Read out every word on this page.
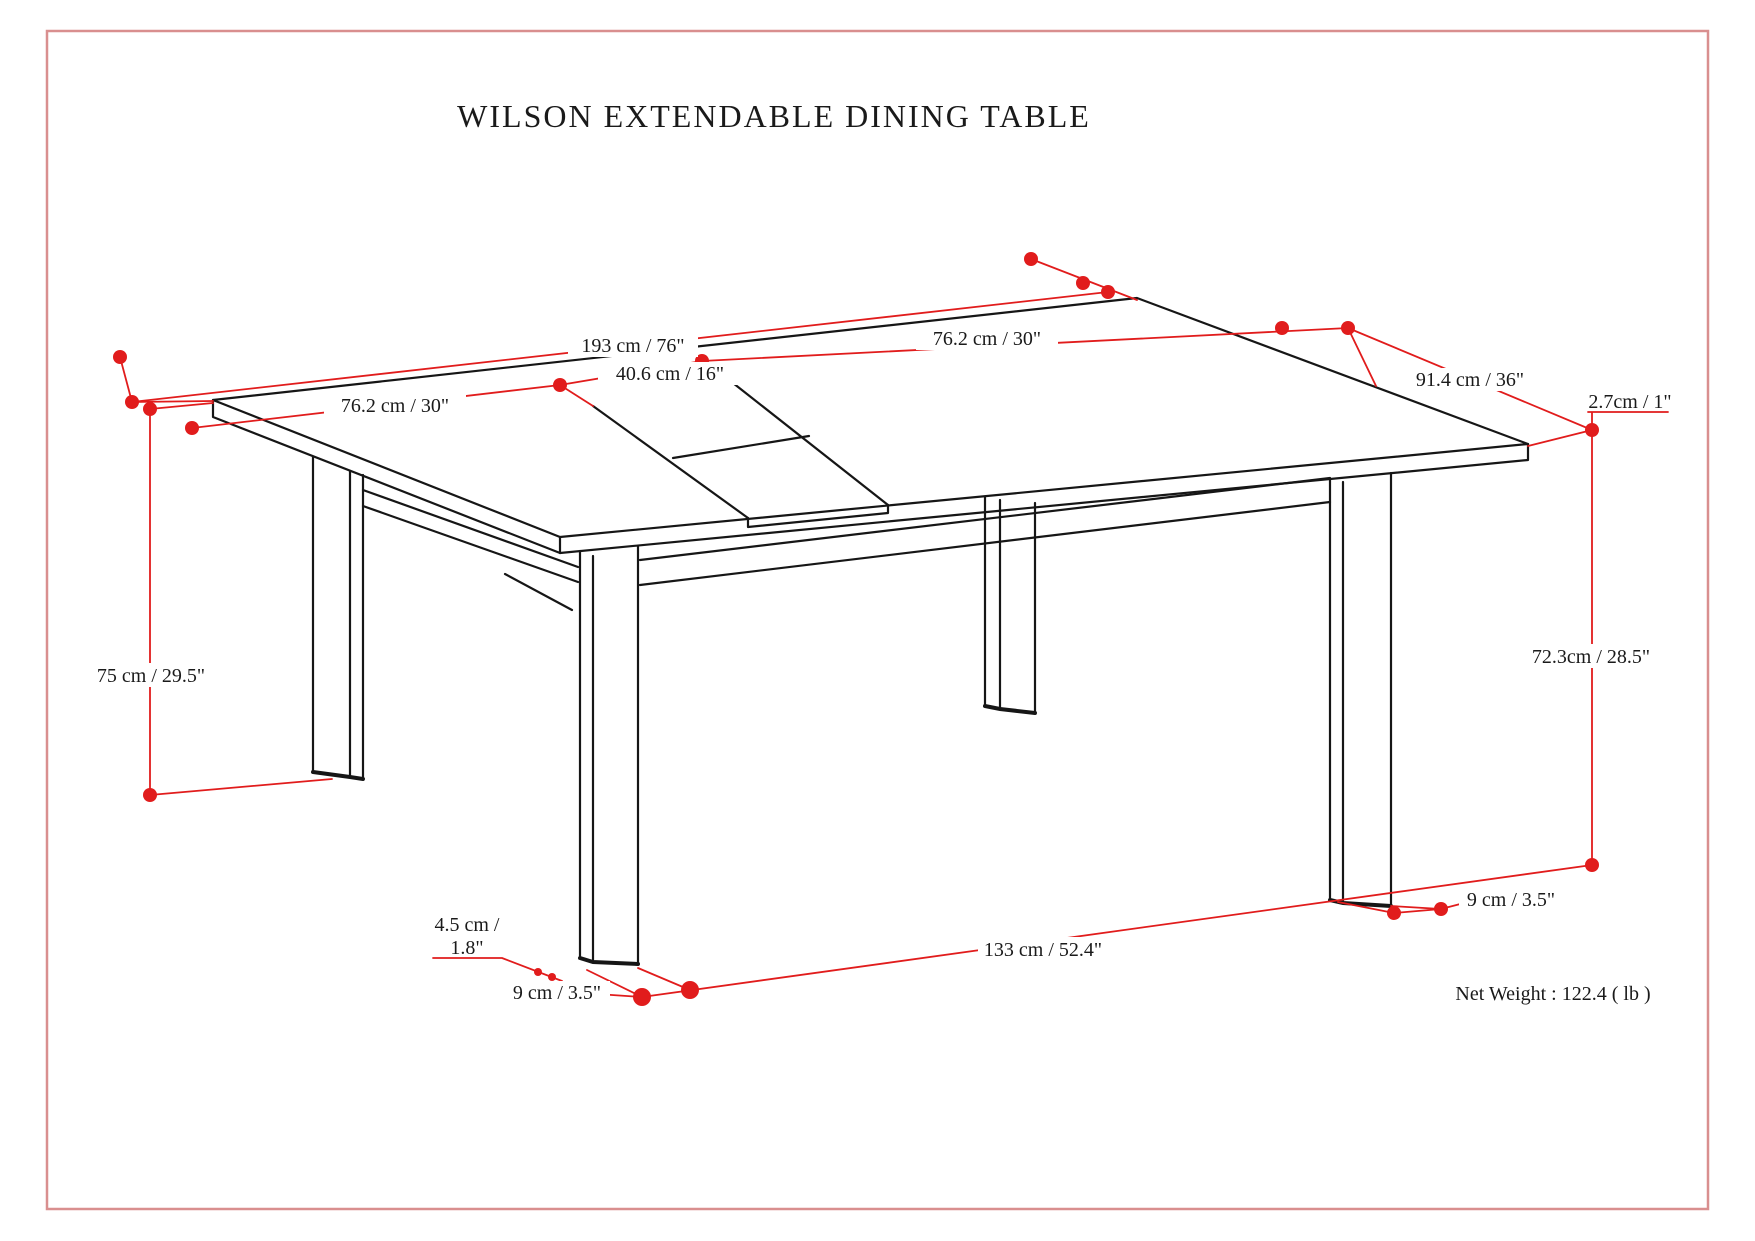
193 cm / 76"
40.6 cm / 16"
76.2 cm / 30"
76.2 cm / 30"
91.4 cm / 36"
2.7cm / 1"
75 cm / 29.5"
72.3cm / 28.5"
9 cm / 3.5"
133 cm / 52.4"
4.5 cm /
1.8"
9 cm / 3.5"
WILSON EXTENDABLE DINING TABLE
Net Weight : 122.4 ( lb )
